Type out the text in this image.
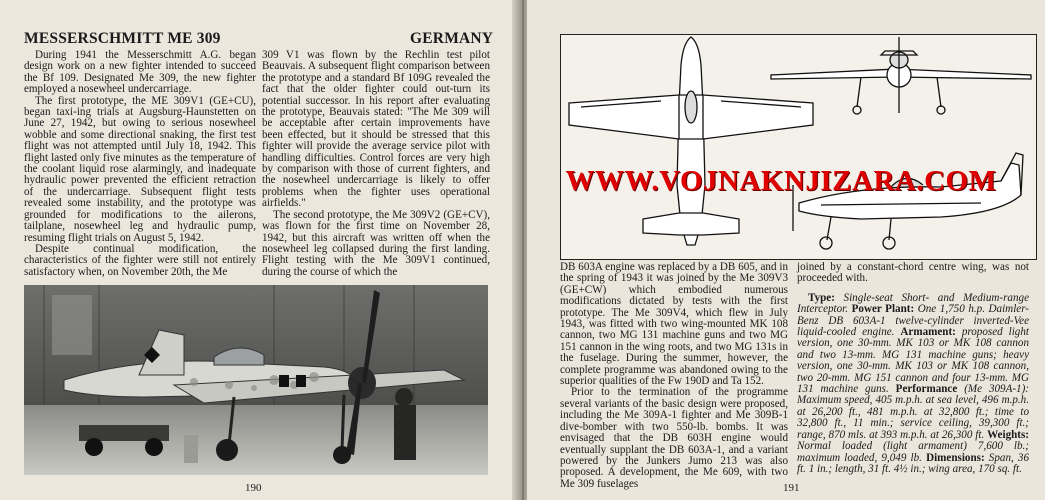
MESSERSCHMITT ME 309	GERMANY

During 1941 the Messerschmitt A.G. began design work on a new fighter intended to succeed the Bf 109. Designated Me 309, the new fighter employed a nosewheel undercarriage.

The first prototype, the ME 309V1 (GE+CU), began taxi-ing trials at Augsburg-Haunstetten on June 27, 1942, but owing to serious nosewheel wobble and some directional snaking, the first test flight was not attempted until July 18, 1942. This flight lasted only five minutes as the temperature of the coolant liquid rose alarmingly, and inadequate hydraulic power prevented the efficient retraction of the undercarriage. Subsequent flight tests revealed some instability, and the prototype was grounded for modifications to the ailerons, tailplane, nosewheel leg and hydraulic pump, resuming flight trials on August 5, 1942.

Despite continual modification, the characteristics of the fighter were still not entirely satisfactory when, on November 20th, the Me

309 V1 was flown by the Rechlin test pilot Beauvais. A subsequent flight comparison between the prototype and a standard Bf 109G revealed the fact that the older fighter could out-turn its potential successor. In his report after evaluating the prototype, Beauvais stated: "The Me 309 will be acceptable after certain improvements have been effected, but it should be stressed that this fighter will provide the average service pilot with handling difficulties. Control forces are very high by comparison with those of current fighters, and the nosewheel undercarriage is likely to offer problems when the fighter uses operational airfields."

The second prototype, the Me 309V2 (GE+CV), was flown for the first time on November 28, 1942, but this aircraft was written off when the nosewheel leg collapsed during the first landing. Flight testing with the Me 309V1 continued, during the course of which the

190

DB 603A engine was replaced by a DB 605, and in the spring of 1943 it was joined by the Me 309V3 (GE+CW) which embodied numerous modifications dictated by tests with the first prototype. The Me 309V4, which flew in July 1943, was fitted with two wing-mounted MK 108 cannon, two MG 131 machine guns and two MG 151 cannon in the wing roots, and two MG 131s in the fuselage. During the summer, however, the complete programme was abandoned owing to the superior qualities of the Fw 190D and Ta 152.

Prior to the termination of the programme several variants of the basic design were proposed, including the Me 309A-1 fighter and Me 309B-1 dive-bomber with two 550-lb. bombs. It was envisaged that the DB 603H engine would eventually supplant the DB 603A-1, and a variant powered by the Junkers Jumo 213 was also proposed. A development, the Me 609, with two Me 309 fuselages

joined by a constant-chord centre wing, was not proceeded with.

Type: Single-seat Short- and Medium-range Interceptor. Power Plant: One 1,750 h.p. Daimler-Benz DB 603A-1 twelve-cylinder inverted-Vee liquid-cooled engine. Armament: proposed light version, one 30-mm. MK 103 or MK 108 cannon and two 13-mm. MG 131 machine guns; heavy version, one 30-mm. MK 103 or MK 108 cannon, two 20-mm. MG 151 cannon and four 13-mm. MG 131 machine guns. Performance (Me 309A-1): Maximum speed, 405 m.p.h. at sea level, 496 m.p.h. at 26,200 ft., 481 m.p.h. at 32,800 ft.; time to 32,800 ft., 11 min.; service ceiling, 39,300 ft.; range, 870 mls. at 393 m.p.h. at 26,300 ft. Weights: Normal loaded (light armament) 7,600 lb.; maximum loaded, 9,049 lb. Dimensions: Span, 36 ft. 1 in.; length, 31 ft. 4½ in.; wing area, 170 sq. ft.

191
WWW.VOJNAKNJIZARA.COM
